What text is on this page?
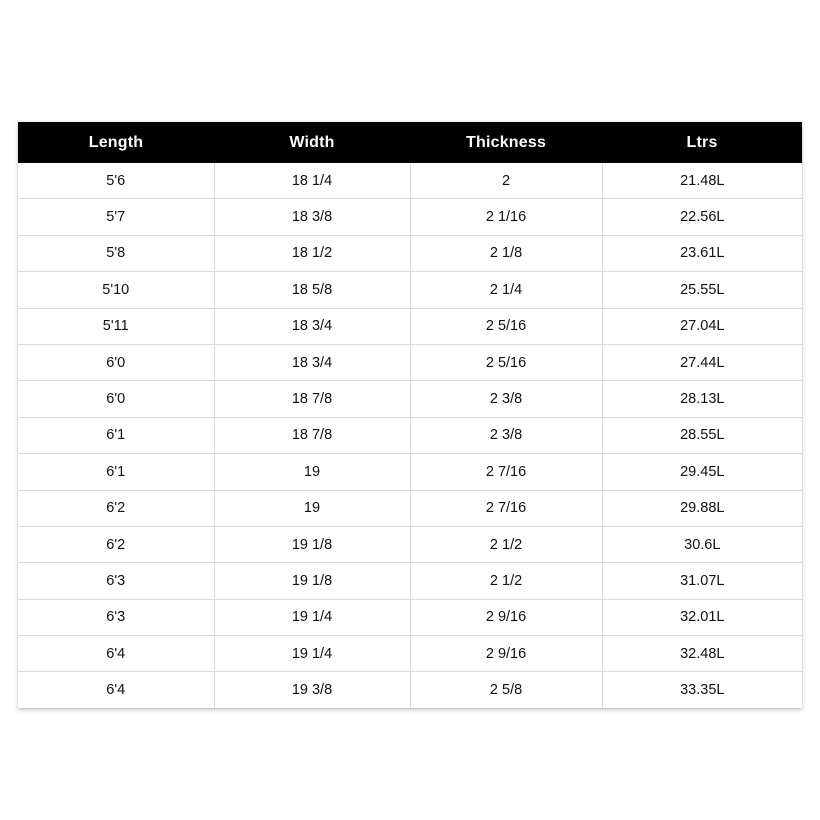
Length	Width	Thickness	Ltrs
5'6	18 1/4	2	21.48L
5'7	18 3/8	2 1/16	22.56L
5'8	18 1/2	2 1/8	23.61L
5'10	18 5/8	2 1/4	25.55L
5'11	18 3/4	2 5/16	27.04L
6'0	18 3/4	2 5/16	27.44L
6'0	18 7/8	2 3/8	28.13L
6'1	18 7/8	2 3/8	28.55L
6'1	19	2 7/16	29.45L
6'2	19	2 7/16	29.88L
6'2	19 1/8	2 1/2	30.6L
6'3	19 1/8	2 1/2	31.07L
6'3	19 1/4	2 9/16	32.01L
6'4	19 1/4	2 9/16	32.48L
6'4	19 3/8	2 5/8	33.35L
